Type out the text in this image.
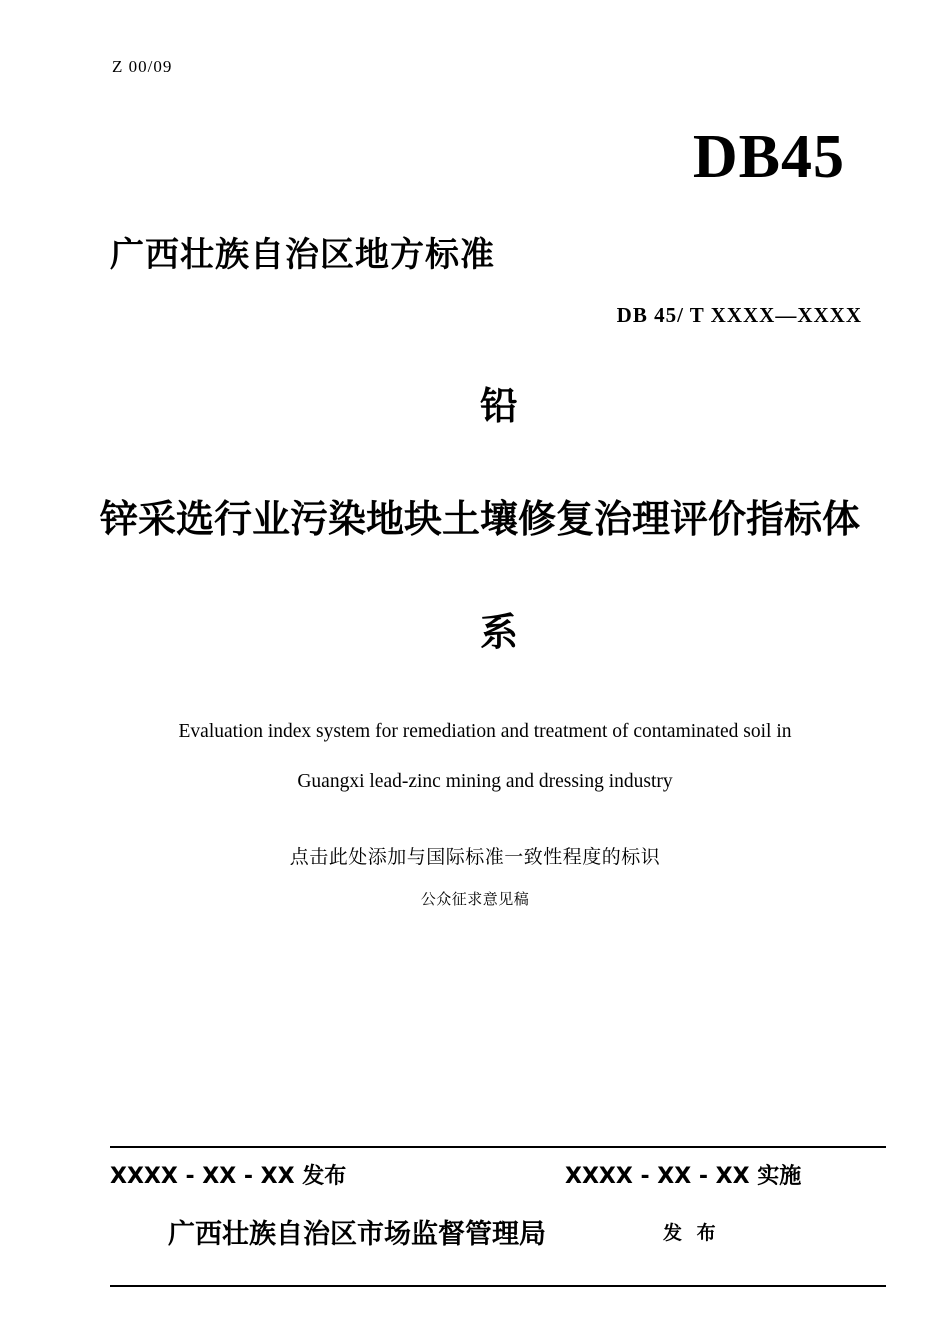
Z 00/09
DB45
广西壮族自治区地方标准
DB 45/ T XXXX—XXXX
铅
锌采选行业污染地块土壤修复治理评价指标体
系
Evaluation index system for remediation and treatment of contaminated soil in
Guangxi lead-zinc mining and dressing industry
点击此处添加与国际标准一致性程度的标识
公众征求意见稿
XXXX - XX - XX 发布	XXXX - XX - XX 实施
广西壮族自治区市场监督管理局	发 布
